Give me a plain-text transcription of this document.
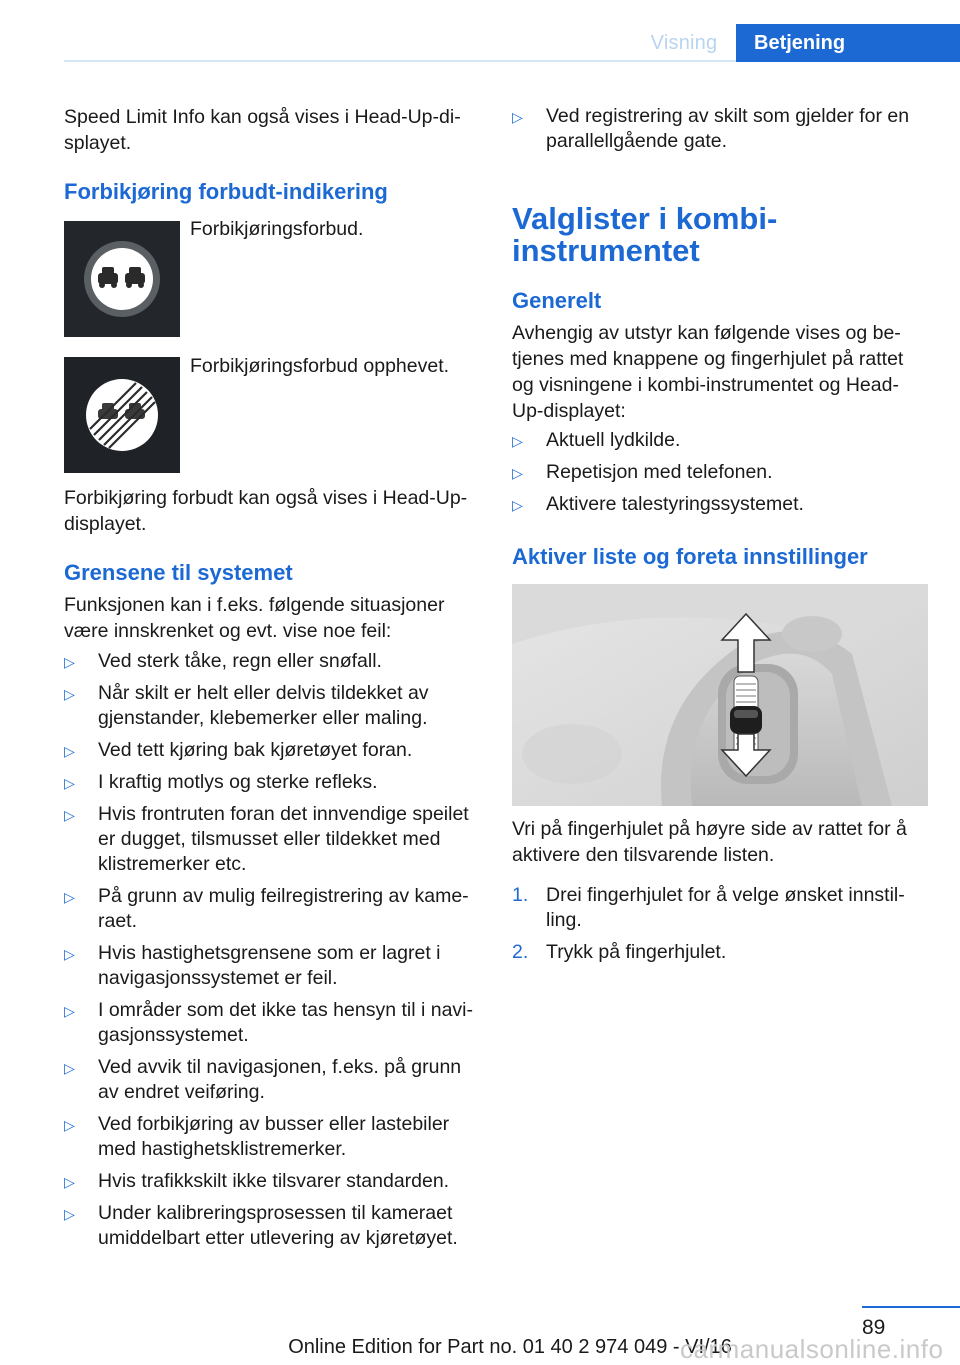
Visning	Betjening

Speed Limit Info kan også vises i Head-Up-di‐ splayet.

Forbikjøring forbudt-indikering

Forbikjøringsforbud.

Forbikjøringsforbud opphevet.

Forbikjøring forbudt kan også vises i Head-Up- displayet.

Grensene til systemet

Funksjonen kan i f.eks. følgende situasjoner være innskrenket og evt. vise noe feil:

▷ Ved sterk tåke, regn eller snøfall.
▷ Når skilt er helt eller delvis tildekket av gjenstander, klebemerker eller maling.
▷ Ved tett kjøring bak kjøretøyet foran.
▷ I kraftig motlys og sterke refleks.
▷ Hvis frontruten foran det innvendige speilet er dugget, tilsmusset eller tildekket med klistremerker etc.
▷ På grunn av mulig feilregistrering av kame‐ raet.
▷ Hvis hastighetsgrensene som er lagret i navigasjonssystemet er feil.
▷ I områder som det ikke tas hensyn til i navi‐ gasjonssystemet.
▷ Ved avvik til navigasjonen, f.eks. på grunn av endret veiføring.
▷ Ved forbikjøring av busser eller lastebiler med hastighetsklistremerker.
▷ Hvis trafikkskilt ikke tilsvarer standarden.
▷ Under kalibreringsprosessen til kameraet umiddelbart etter utlevering av kjøretøyet.
▷ Ved registrering av skilt som gjelder for en parallellgående gate.
Valglister i kombi- instrumentet
Generelt

Avhengig av utstyr kan følgende vises og be‐ tjenes med knappene og fingerhjulet på rattet og visningene i kombi-instrumentet og Head- Up-displayet:

▷ Aktuell lydkilde.
▷ Repetisjon med telefonen.
▷ Aktivere talestyringssystemet.
Aktiver liste og foreta innstillinger

Vri på fingerhjulet på høyre side av rattet for å aktivere den tilsvarende listen.

1. Drei fingerhjulet for å velge ønsket innstil‐ ling.
2. Trykk på fingerhjulet.
89
Online Edition for Part no. 01 40 2 974 049 - VI/16
carmanualsonline.info
